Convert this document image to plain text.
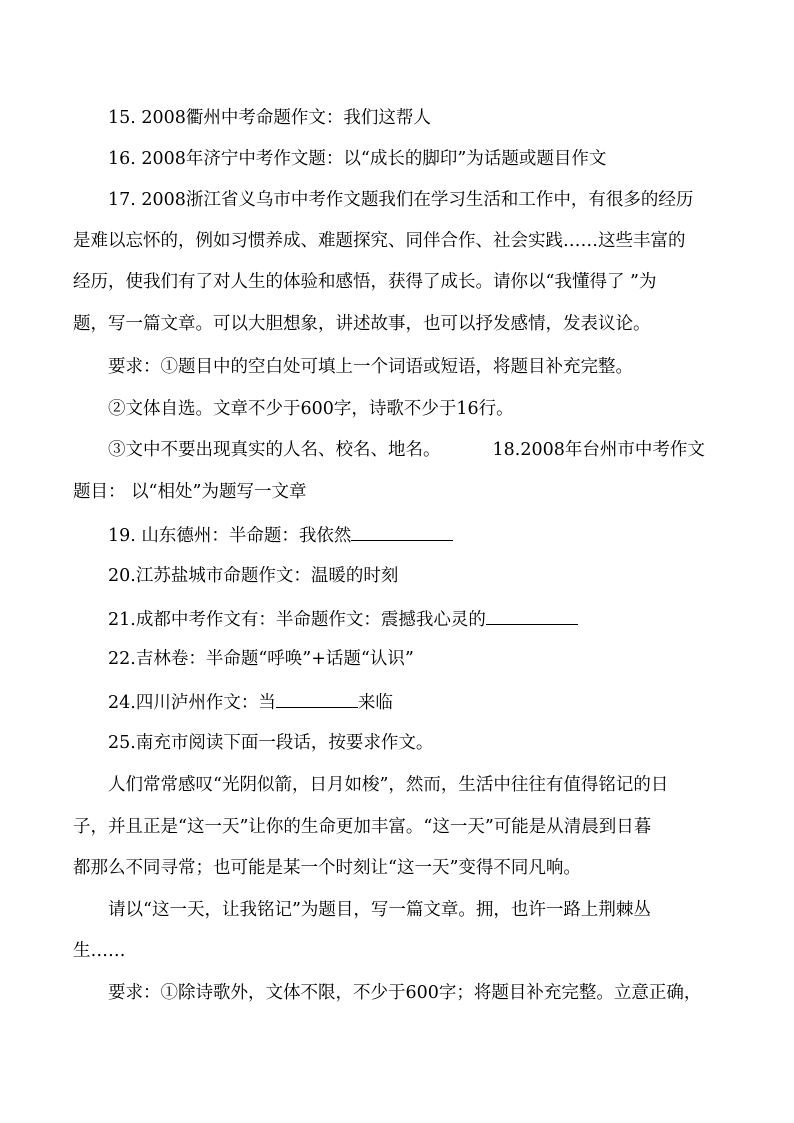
15. 2008衢州中考命题作文：我们这帮人
16. 2008年济宁中考作文题：以“成长的脚印”为话题或题目作文
17. 2008浙江省义乌市中考作文题我们在学习生活和工作中，有很多的经历
是难以忘怀的，例如习惯养成、难题探究、同伴合作、社会实践……这些丰富的
经历，使我们有了对人生的体验和感悟，获得了成长。请你以“我懂得了 ”为
题，写一篇文章。可以大胆想象，讲述故事，也可以抒发感情，发表议论。
要求：①题目中的空白处可填上一个词语或短语，将题目补充完整。
②文体自选。文章不少于600字，诗歌不少于16行。
③文中不要出现真实的人名、校名、地名。	18.2008年台州市中考作文
题目： 以“相处”为题写一文章
19. 山东德州：半命题：我依然
20.江苏盐城市命题作文：温暖的时刻
21.成都中考作文有：半命题作文：震撼我心灵的
22.吉林卷：半命题“呼唤”+话题“认识”
24.四川泸州作文：当	来临
25.南充市阅读下面一段话，按要求作文。
人们常常感叹“光阴似箭，日月如梭”，然而，生活中往往有值得铭记的日
子，并且正是“这一天”让你的生命更加丰富。“这一天”可能是从清晨到日暮
都那么不同寻常；也可能是某一个时刻让“这一天”变得不同凡响。
请以“这一天，让我铭记”为题目，写一篇文章。拥，也许一路上荆棘丛
生……
要求：①除诗歌外，文体不限，不少于600字；将题目补充完整。立意正确，
